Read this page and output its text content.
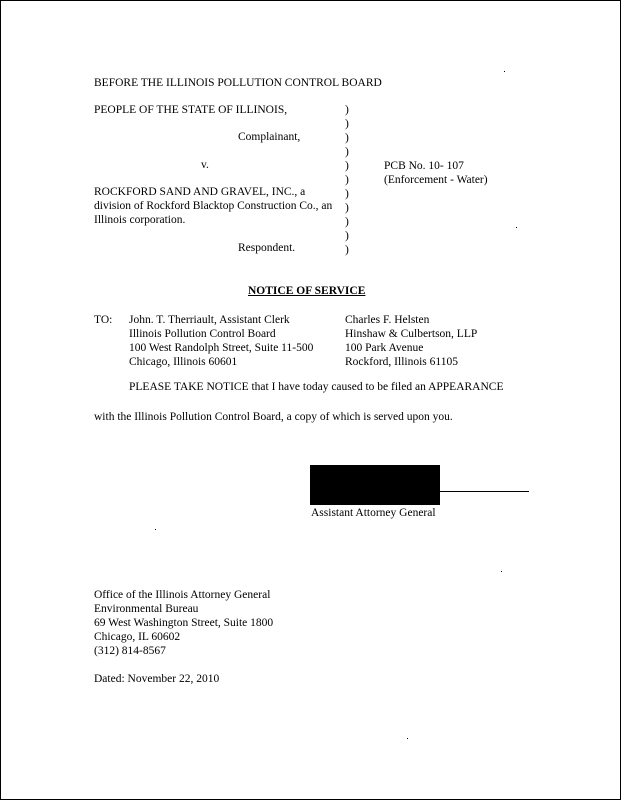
BEFORE THE ILLINOIS POLLUTION CONTROL BOARD
PEOPLE OF THE STATE OF ILLINOIS,
Complainant,
v.
ROCKFORD SAND AND GRAVEL, INC., a
division of Rockford Blacktop Construction Co., an
Illinois corporation.
Respondent.
)
)
)
)
)
)
)
)
)
)
)
PCB No. 10- 107
(Enforcement - Water)
NOTICE OF SERVICE
TO: John. T. Therriault, Assistant Clerk
Illinois Pollution Control Board
100 West Randolph Street, Suite 11-500
Chicago, Illinois 60601
Charles F. Helsten
Hinshaw & Culbertson, LLP
100 Park Avenue
Rockford, Illinois 61105
PLEASE TAKE NOTICE that I have today caused to be filed an APPEARANCE
with the Illinois Pollution Control Board, a copy of which is served upon you.
Assistant Attorney General
Office of the Illinois Attorney General
Environmental Bureau
69 West Washington Street, Suite 1800
Chicago, IL 60602
(312) 814-8567
Dated: November 22, 2010
